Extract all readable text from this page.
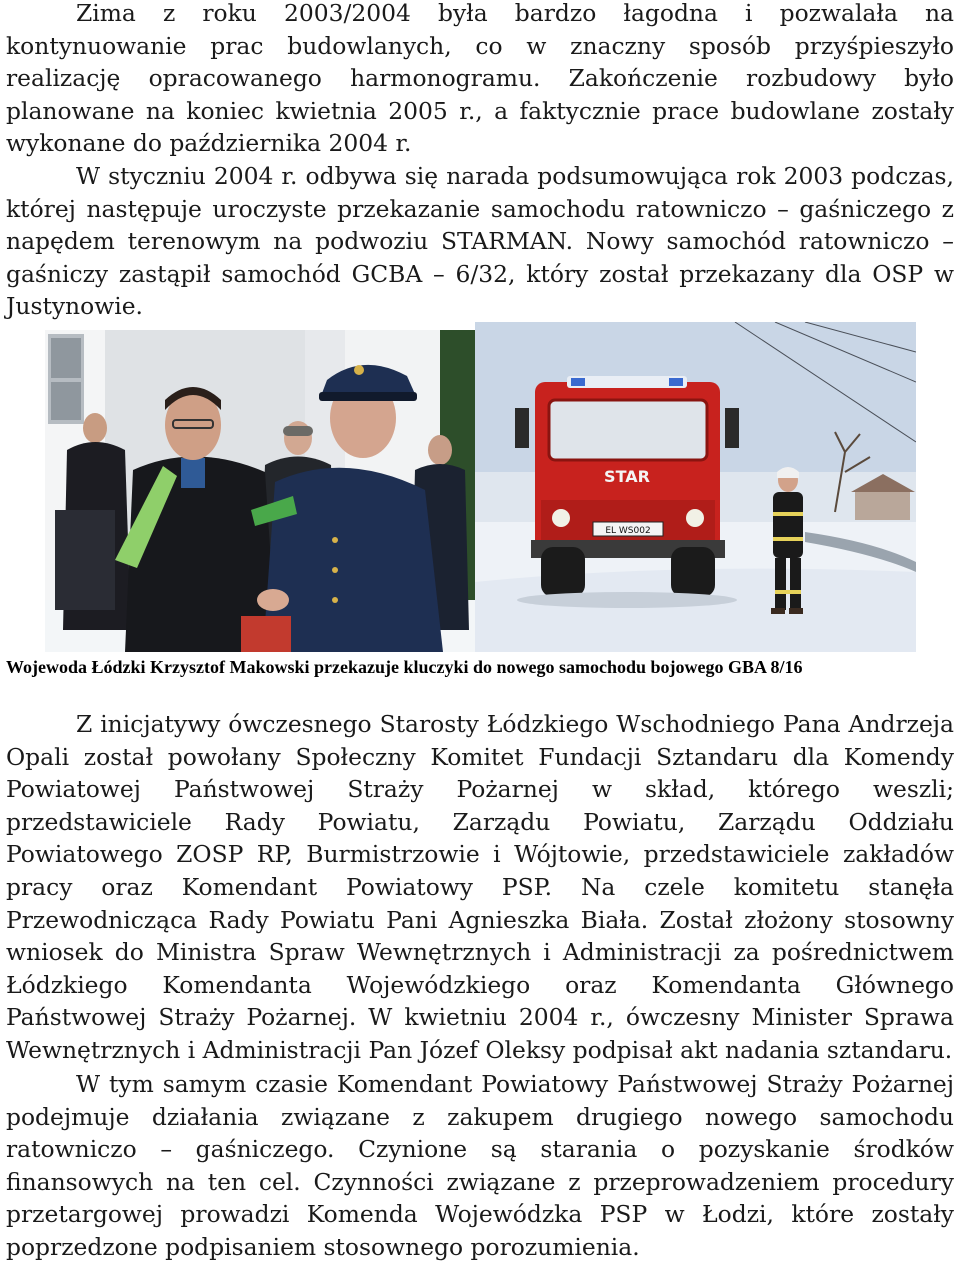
Zima z roku 2003/2004 była bardzo łagodna i pozwalała na kontynuowanie prac budowlanych, co w znaczny sposób przyśpieszyło realizację opracowanego harmonogramu. Zakończenie rozbudowy było planowane na koniec kwietnia 2005 r., a faktycznie prace budowlane zostały wykonane do października 2004 r.

W styczniu 2004 r. odbywa się narada podsumowująca rok 2003 podczas, której następuje uroczyste przekazanie samochodu ratowniczo – gaśniczego z napędem terenowym na podwoziu STARMAN. Nowy samochód ratowniczo – gaśniczy zastąpił samochód GCBA – 6/32, który został przekazany dla OSP w Justynowie.

STAR
EL WS002

Wojewoda Łódzki Krzysztof Makowski przekazuje kluczyki do nowego samochodu bojowego GBA 8/16

Z inicjatywy ówczesnego Starosty Łódzkiego Wschodniego Pana Andrzeja Opali został powołany Społeczny Komitet Fundacji Sztandaru dla Komendy Powiatowej Państwowej Straży Pożarnej w skład, którego weszli; przedstawiciele Rady Powiatu, Zarządu Powiatu, Zarządu Oddziału Powiatowego ZOSP RP, Burmistrzowie i Wójtowie, przedstawiciele zakładów pracy oraz Komendant Powiatowy PSP. Na czele komitetu stanęła Przewodnicząca Rady Powiatu Pani Agnieszka Biała. Został złożony stosowny wniosek do Ministra Spraw Wewnętrznych i Administracji za pośrednictwem Łódzkiego Komendanta Wojewódzkiego oraz Komendanta Głównego Państwowej Straży Pożarnej. W kwietniu 2004 r., ówczesny Minister Sprawa Wewnętrznych i Administracji Pan Józef Oleksy podpisał akt nadania sztandaru.

W tym samym czasie Komendant Powiatowy Państwowej Straży Pożarnej podejmuje działania związane z zakupem drugiego nowego samochodu ratowniczo – gaśniczego. Czynione są starania o pozyskanie środków finansowych na ten cel. Czynności związane z przeprowadzeniem procedury przetargowej prowadzi Komenda Wojewódzka PSP w Łodzi, które zostały poprzedzone podpisaniem stosownego porozumienia.
